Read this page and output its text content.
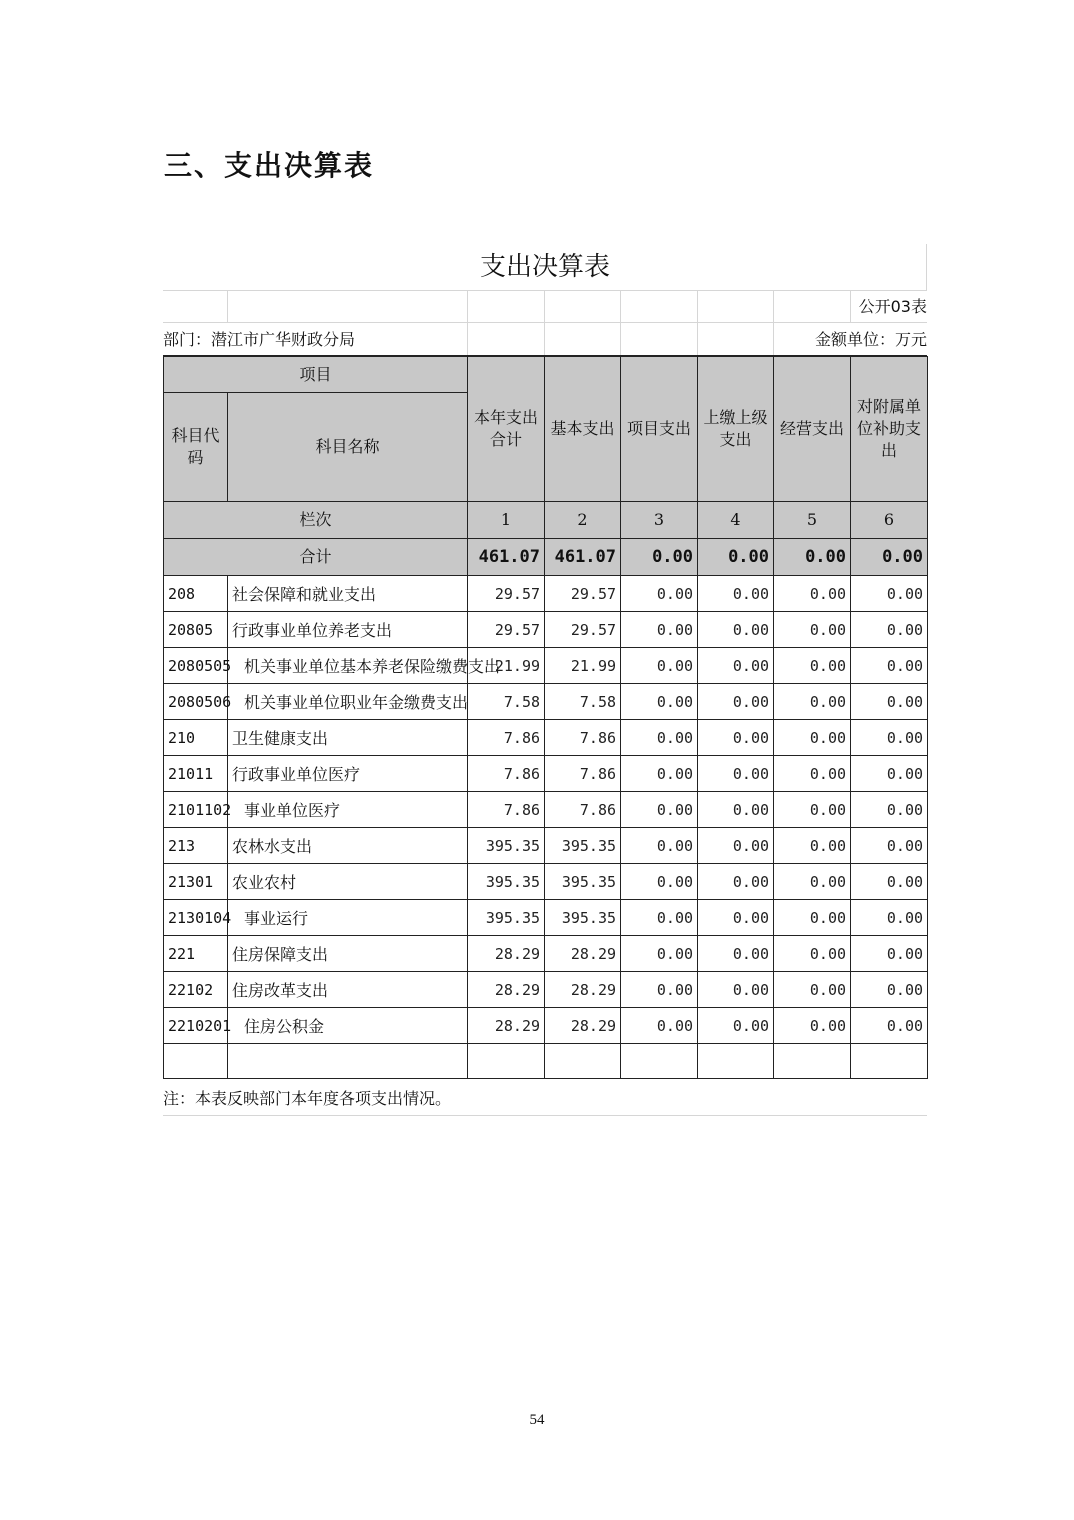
三、支出决算表
支出决算表
公开03表
部门：潜江市广华财政分局	金额单位：万元
项目		本年支出合计	基本支出	项目支出	上缴上级支出	经营支出	对附属单位补助支出
科目代码	科目名称						
栏次		1	2	3	4	5	6
合计		461.07	461.07	0.00	0.00	0.00	0.00
208	社会保障和就业支出	29.57	29.57	0.00	0.00	0.00	0.00
20805	行政事业单位养老支出	29.57	29.57	0.00	0.00	0.00	0.00
2080505	机关事业单位基本养老保险缴费支出	21.99	21.99	0.00	0.00	0.00	0.00
2080506	机关事业单位职业年金缴费支出	7.58	7.58	0.00	0.00	0.00	0.00
210	卫生健康支出	7.86	7.86	0.00	0.00	0.00	0.00
21011	行政事业单位医疗	7.86	7.86	0.00	0.00	0.00	0.00
2101102	事业单位医疗	7.86	7.86	0.00	0.00	0.00	0.00
213	农林水支出	395.35	395.35	0.00	0.00	0.00	0.00
21301	农业农村	395.35	395.35	0.00	0.00	0.00	0.00
2130104	事业运行	395.35	395.35	0.00	0.00	0.00	0.00
221	住房保障支出	28.29	28.29	0.00	0.00	0.00	0.00
22102	住房改革支出	28.29	28.29	0.00	0.00	0.00	0.00
2210201	住房公积金	28.29	28.29	0.00	0.00	0.00	0.00

注：本表反映部门本年度各项支出情况。
54
